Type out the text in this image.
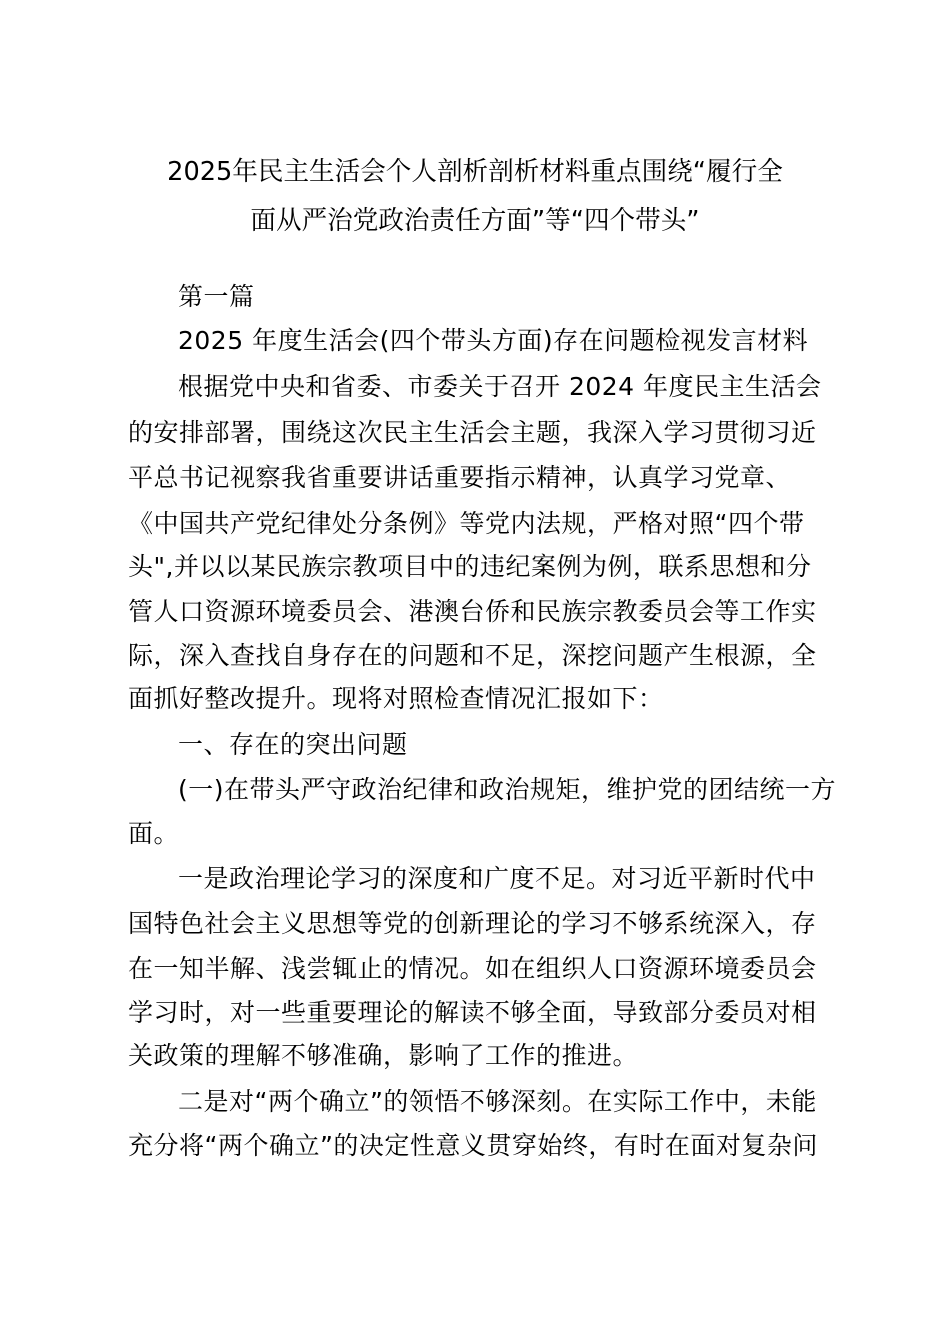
2025年民主生活会个人剖析剖析材料重点围绕“履行全
面从严治党政治责任方面”等“四个带头”
第一篇
2025 年度生活会(四个带头方面)存在问题检视发言材料
根据党中央和省委、市委关于召开 2024 年度民主生活会
的安排部署，围绕这次民主生活会主题，我深入学习贯彻习近
平总书记视察我省重要讲话重要指示精神，认真学习党章、
《中国共产党纪律处分条例》等党内法规，严格对照“四个带
头",并以以某民族宗教项目中的违纪案例为例，联系思想和分
管人口资源环境委员会、港澳台侨和民族宗教委员会等工作实
际，深入查找自身存在的问题和不足，深挖问题产生根源，全
面抓好整改提升。现将对照检查情况汇报如下：
一、存在的突出问题
(一)在带头严守政治纪律和政治规矩，维护党的团结统一方
面。
一是政治理论学习的深度和广度不足。对习近平新时代中
国特色社会主义思想等党的创新理论的学习不够系统深入，存
在一知半解、浅尝辄止的情况。如在组织人口资源环境委员会
学习时，对一些重要理论的解读不够全面，导致部分委员对相
关政策的理解不够准确，影响了工作的推进。
二是对“两个确立”的领悟不够深刻。在实际工作中，未能
充分将“两个确立”的决定性意义贯穿始终，有时在面对复杂问
